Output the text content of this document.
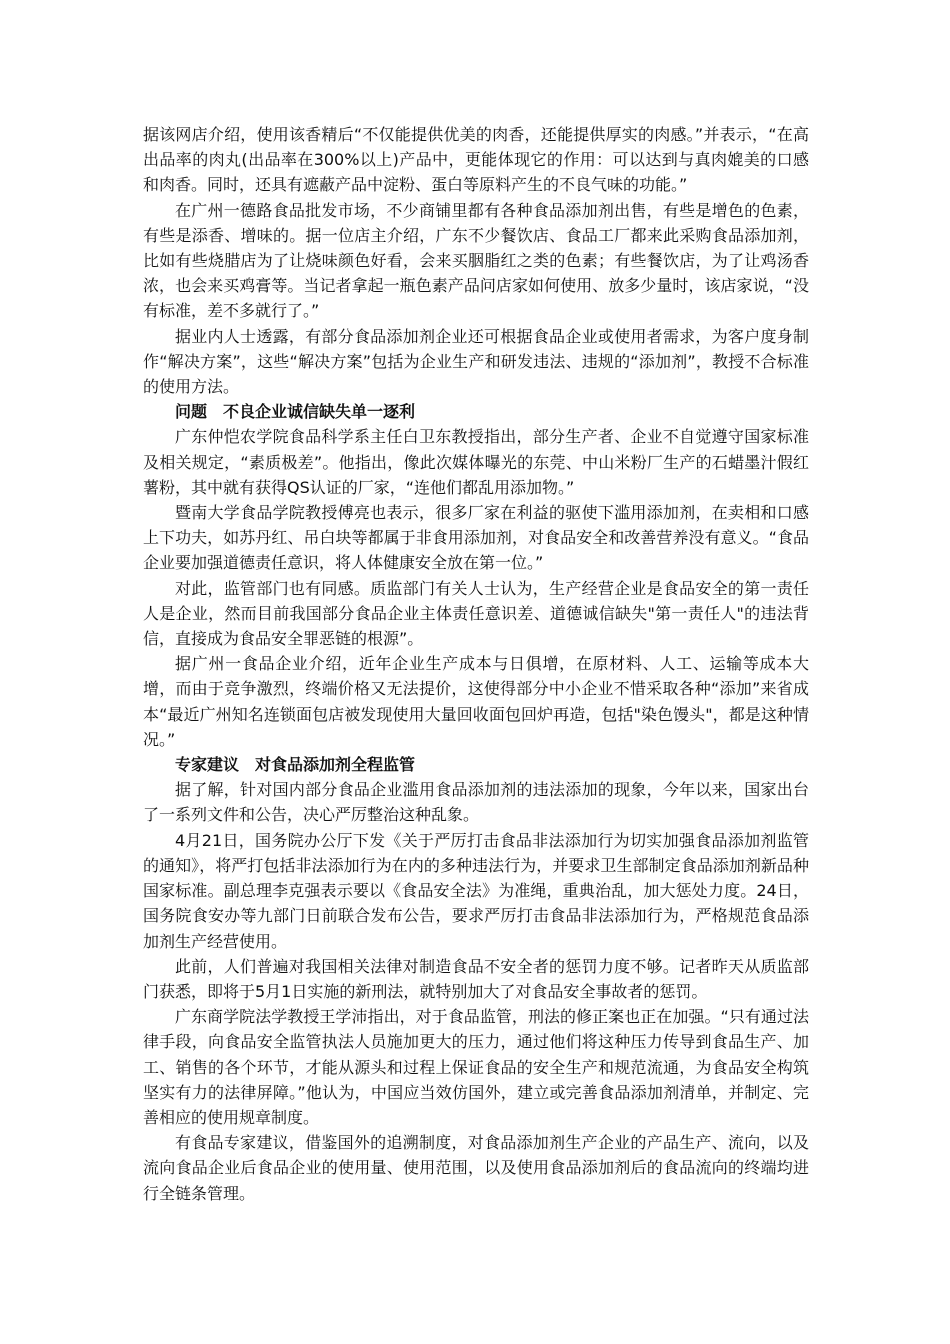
据该网店介绍，使用该香精后“不仅能提供优美的肉香，还能提供厚实的肉感。”并表示，“在高出品率的肉丸(出品率在300%以上)产品中，更能体现它的作用：可以达到与真肉媲美的口感和肉香。同时，还具有遮蔽产品中淀粉、蛋白等原料产生的不良气味的功能。”

在广州一德路食品批发市场，不少商铺里都有各种食品添加剂出售，有些是增色的色素，有些是添香、增味的。据一位店主介绍，广东不少餐饮店、食品工厂都来此采购食品添加剂，比如有些烧腊店为了让烧味颜色好看，会来买胭脂红之类的色素；有些餐饮店，为了让鸡汤香浓，也会来买鸡膏等。当记者拿起一瓶色素产品问店家如何使用、放多少量时，该店家说，“没有标准，差不多就行了。”

据业内人士透露，有部分食品添加剂企业还可根据食品企业或使用者需求，为客户度身制作“解决方案”，这些“解决方案”包括为企业生产和研发违法、违规的“添加剂”，教授不合标准的使用方法。

问题　不良企业诚信缺失单一逐利

广东仲恺农学院食品科学系主任白卫东教授指出，部分生产者、企业不自觉遵守国家标准及相关规定，“素质极差”。他指出，像此次媒体曝光的东莞、中山米粉厂生产的石蜡墨汁假红薯粉，其中就有获得QS认证的厂家，“连他们都乱用添加物。”

暨南大学食品学院教授傅亮也表示，很多厂家在利益的驱使下滥用添加剂，在卖相和口感上下功夫，如苏丹红、吊白块等都属于非食用添加剂，对食品安全和改善营养没有意义。“食品企业要加强道德责任意识，将人体健康安全放在第一位。”

对此，监管部门也有同感。质监部门有关人士认为，生产经营企业是食品安全的第一责任人是企业，然而目前我国部分食品企业主体责任意识差、道德诚信缺失"第一责任人"的违法背信，直接成为食品安全罪恶链的根源”。

据广州一食品企业介绍，近年企业生产成本与日俱增，在原材料、人工、运输等成本大增，而由于竞争激烈，终端价格又无法提价，这使得部分中小企业不惜采取各种“添加”来省成本“最近广州知名连锁面包店被发现使用大量回收面包回炉再造，包括"染色馒头"，都是这种情况。”

专家建议　对食品添加剂全程监管

据了解，针对国内部分食品企业滥用食品添加剂的违法添加的现象，今年以来，国家出台了一系列文件和公告，决心严厉整治这种乱象。

4月21日，国务院办公厅下发《关于严厉打击食品非法添加行为切实加强食品添加剂监管的通知》，将严打包括非法添加行为在内的多种违法行为，并要求卫生部制定食品添加剂新品种国家标准。副总理李克强表示要以《食品安全法》为准绳，重典治乱，加大惩处力度。24日，国务院食安办等九部门日前联合发布公告，要求严厉打击食品非法添加行为，严格规范食品添加剂生产经营使用。

此前，人们普遍对我国相关法律对制造食品不安全者的惩罚力度不够。记者昨天从质监部门获悉，即将于5月1日实施的新刑法，就特别加大了对食品安全事故者的惩罚。

广东商学院法学教授王学沛指出，对于食品监管，刑法的修正案也正在加强。“只有通过法律手段，向食品安全监管执法人员施加更大的压力，通过他们将这种压力传导到食品生产、加工、销售的各个环节，才能从源头和过程上保证食品的安全生产和规范流通，为食品安全构筑坚实有力的法律屏障。”他认为，中国应当效仿国外，建立或完善食品添加剂清单，并制定、完善相应的使用规章制度。

有食品专家建议，借鉴国外的追溯制度，对食品添加剂生产企业的产品生产、流向，以及流向食品企业后食品企业的使用量、使用范围，以及使用食品添加剂后的食品流向的终端均进行全链条管理。
